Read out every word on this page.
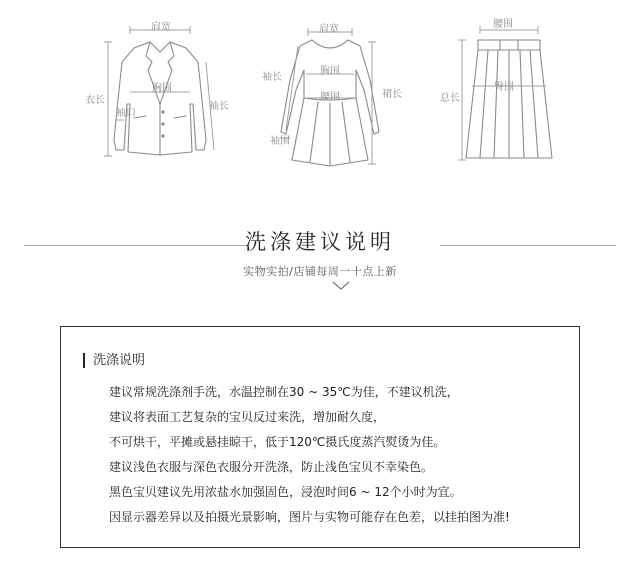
肩宽
衣长
胸围
袖口
袖长
肩宽
袖长
胸围
腰围	裙长
袖围
腰围
臀围
总长
洗涤建议说明
实物实拍/店铺每周一十点上新
洗涤说明
建议常规洗涤剂手洗，水温控制在30 ~ 35℃为佳，不建议机洗，
建议将表面工艺复杂的宝贝反过来洗，增加耐久度，
不可烘干，平摊或悬挂晾干，低于120℃摄氏度蒸汽熨烫为佳。
建议浅色衣服与深色衣服分开洗涤，防止浅色宝贝不幸染色。
黑色宝贝建议先用浓盐水加强固色，浸泡时间6 ~ 12个小时为宜。
因显示器差异以及拍摄光景影响，图片与实物可能存在色差，以挂拍图为准!
